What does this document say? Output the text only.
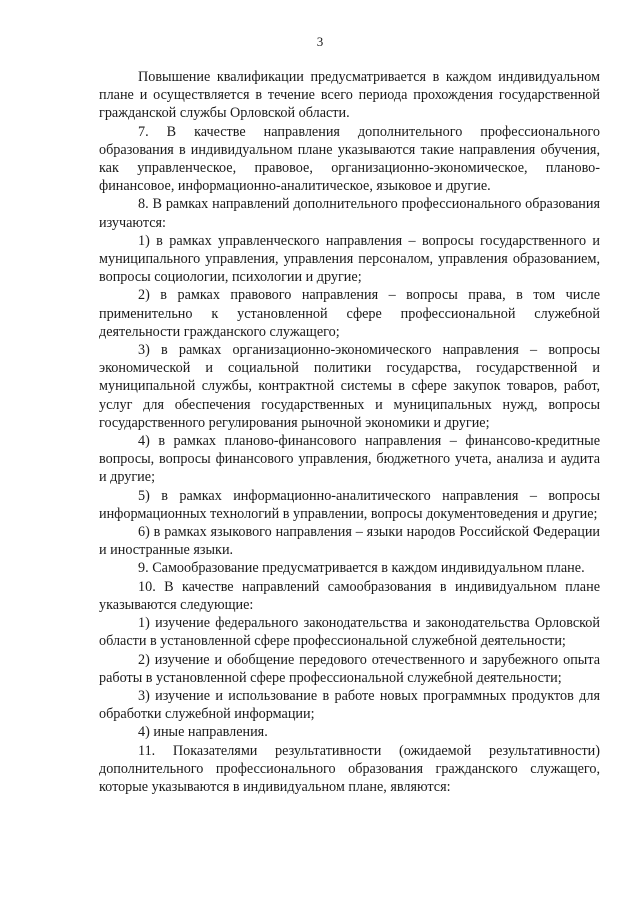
3

Повышение квалификации предусматривается в каждом индивидуальном плане и осуществляется в течение всего периода прохождения государственной гражданской службы Орловской области.

7. В качестве направления дополнительного профессионального образования в индивидуальном плане указываются такие направления обучения, как управленческое, правовое, организационно-экономическое, планово-финансовое, информационно-аналитическое, языковое и другие.

8. В рамках направлений дополнительного профессионального образования изучаются:

1) в рамках управленческого направления – вопросы государственного и муниципального управления, управления персоналом, управления образованием, вопросы социологии, психологии и другие;

2) в рамках правового направления – вопросы права, в том числе применительно к установленной сфере профессиональной служебной деятельности гражданского служащего;

3) в рамках организационно-экономического направления – вопросы экономической и социальной политики государства, государственной и муниципальной службы, контрактной системы в сфере закупок товаров, работ, услуг для обеспечения государственных и муниципальных нужд, вопросы государственного регулирования рыночной экономики и другие;

4) в рамках планово-финансового направления – финансово-кредитные вопросы, вопросы финансового управления, бюджетного учета, анализа и аудита и другие;

5) в рамках информационно-аналитического направления – вопросы информационных технологий в управлении, вопросы документоведения и другие;

6) в рамках языкового направления – языки народов Российской Федерации и иностранные языки.

9. Самообразование предусматривается в каждом индивидуальном плане.

10. В качестве направлений самообразования в индивидуальном плане указываются следующие:

1) изучение федерального законодательства и законодательства Орловской области в установленной сфере профессиональной служебной деятельности;

2) изучение и обобщение передового отечественного и зарубежного опыта работы в установленной сфере профессиональной служебной деятельности;

3) изучение и использование в работе новых программных продуктов для обработки служебной информации;

4) иные направления.

11. Показателями результативности (ожидаемой результативности) дополнительного профессионального образования гражданского служащего, которые указываются в индивидуальном плане, являются:
